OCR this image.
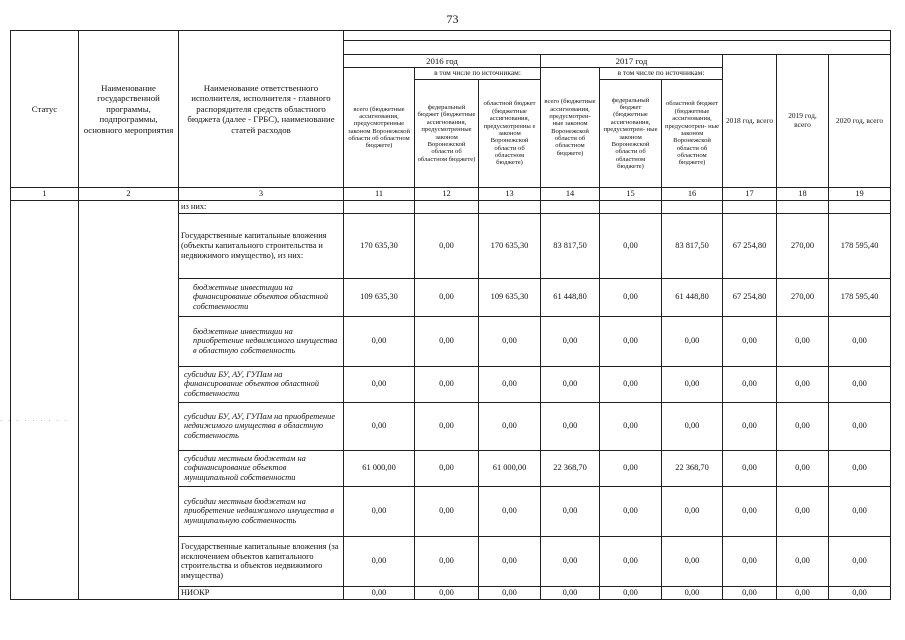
73
Статус	Наименование государственной программы, подпрограммы, основного мероприятия	Наименование ответственного исполнителя, исполнителя - главного распорядителя средств областного бюджета (далее - ГРБС), наименование статей расходов									

			2016 год			2017 год			2018 год, всего	2019 год, всего	2020 год, всего
			всего (бюджетные ассигнования, предусмотренные законом Воронежской области об областном бюджете)	в том числе по источникам:		всего (бюджетные ассигнования, предусмотрен- ные законом Воронежской области об областном бюджете)	в том числе по источникам:				
				федеральный бюджет (бюджетные ассигнования, предусмотренные законом Воронежской области об областном бюджете)	областной бюджет (бюджетные ассигнования, предусмотренны е законом Воронежской области об областном бюджете)		федеральный бюджет (бюджетные ассигнования, предусмотрен- ные законом Воронежской области об областном бюджете)	областной бюджет (бюджетные ассигнования, предусмотрен- ные законом Воронежской области об областном бюджете)			
1	2	3	11	12	13	14	15	16	17	18	19
		из них:									
		Государственные капитальные вложения (объекты капитального строительства и недвижимого имущество), из них:	170 635,30	0,00	170 635,30	83 817,50	0,00	83 817,50	67 254,80	270,00	178 595,40
		бюджетные инвестиции на финансирование объектов областной собственности	109 635,30	0,00	109 635,30	61 448,80	0,00	61 448,80	67 254,80	270,00	178 595,40
		бюджетные инвестиции на приобретение недвижимого имущества в областную собственность	0,00	0,00	0,00	0,00	0,00	0,00	0,00	0,00	0,00
		субсидии БУ, АУ, ГУПам на финансирование объектов областной собственности	0,00	0,00	0,00	0,00	0,00	0,00	0,00	0,00	0,00
		субсидии БУ, АУ, ГУПам на приобретение недвижимого имущества в областную собственность	0,00	0,00	0,00	0,00	0,00	0,00	0,00	0,00	0,00
		субсидии местным бюджетам на софинансирование объектов муниципальной собственности	61 000,00	0,00	61 000,00	22 368,70	0,00	22 368,70	0,00	0,00	0,00
		субсидии местным бюджетам на приобретение недвижимого имущества в муниципальную собственность	0,00	0,00	0,00	0,00	0,00	0,00	0,00	0,00	0,00
		Государственные капитальные вложения (за исключением объектов капитального строительства и объектов недвижимого имущества)	0,00	0,00	0,00	0,00	0,00	0,00	0,00	0,00	0,00
		НИОКР	0,00	0,00	0,00	0,00	0,00	0,00	0,00	0,00	0,00
· · · · · · · · ·
